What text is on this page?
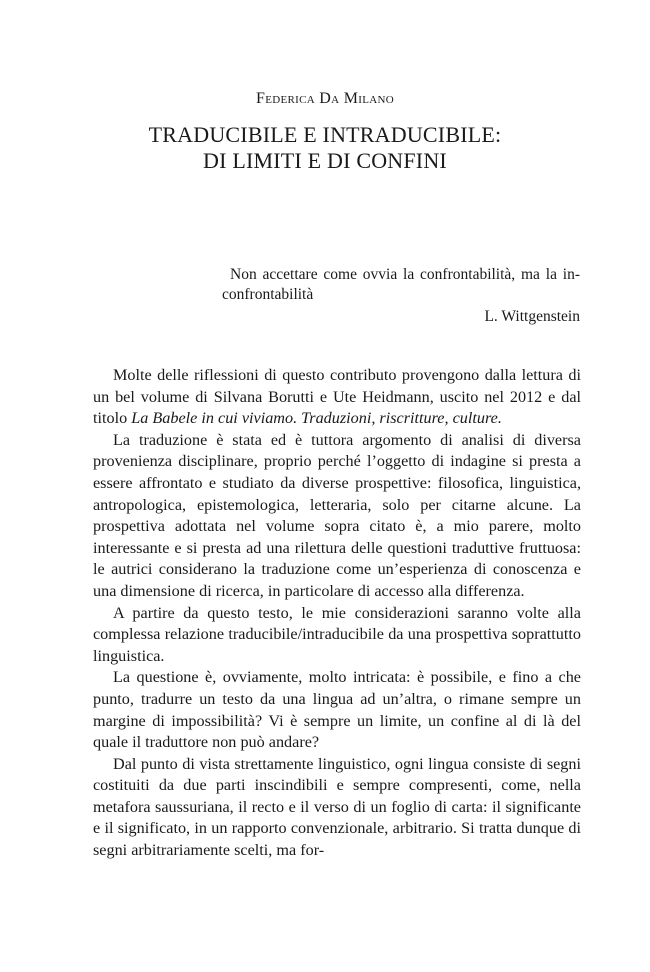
Federica Da Milano
TRADUCIBILE E INTRADUCIBILE:
DI LIMITI E DI CONFINI
Non accettare come ovvia la confrontabilità, ma la inconfrontabilità
L. Wittgenstein

Molte delle riflessioni di questo contributo provengono dalla lettura di un bel volume di Silvana Borutti e Ute Heidmann, uscito nel 2012 e dal titolo La Babele in cui viviamo. Traduzioni, riscritture, culture.

La traduzione è stata ed è tuttora argomento di analisi di diversa provenienza disciplinare, proprio perché l’oggetto di indagine si presta a essere affrontato e studiato da diverse prospettive: filosofica, linguistica, antropologica, epistemologica, letteraria, solo per citarne alcune. La prospettiva adottata nel volume sopra citato è, a mio parere, molto interessante e si presta ad una rilettura delle questioni traduttive fruttuosa: le autrici considerano la traduzione come un’esperienza di conoscenza e una dimensione di ricerca, in particolare di accesso alla differenza.

A partire da questo testo, le mie considerazioni saranno volte alla complessa relazione traducibile/intraducibile da una prospettiva soprattutto linguistica.

La questione è, ovviamente, molto intricata: è possibile, e fino a che punto, tradurre un testo da una lingua ad un’altra, o rimane sempre un margine di impossibilità? Vi è sempre un limite, un confine al di là del quale il traduttore non può andare?

Dal punto di vista strettamente linguistico, ogni lingua consiste di segni costituiti da due parti inscindibili e sempre compresenti, come, nella metafora saussuriana, il recto e il verso di un foglio di carta: il significante e il significato, in un rapporto convenzionale, arbitrario. Si tratta dunque di segni arbitrariamente scelti, ma for-
